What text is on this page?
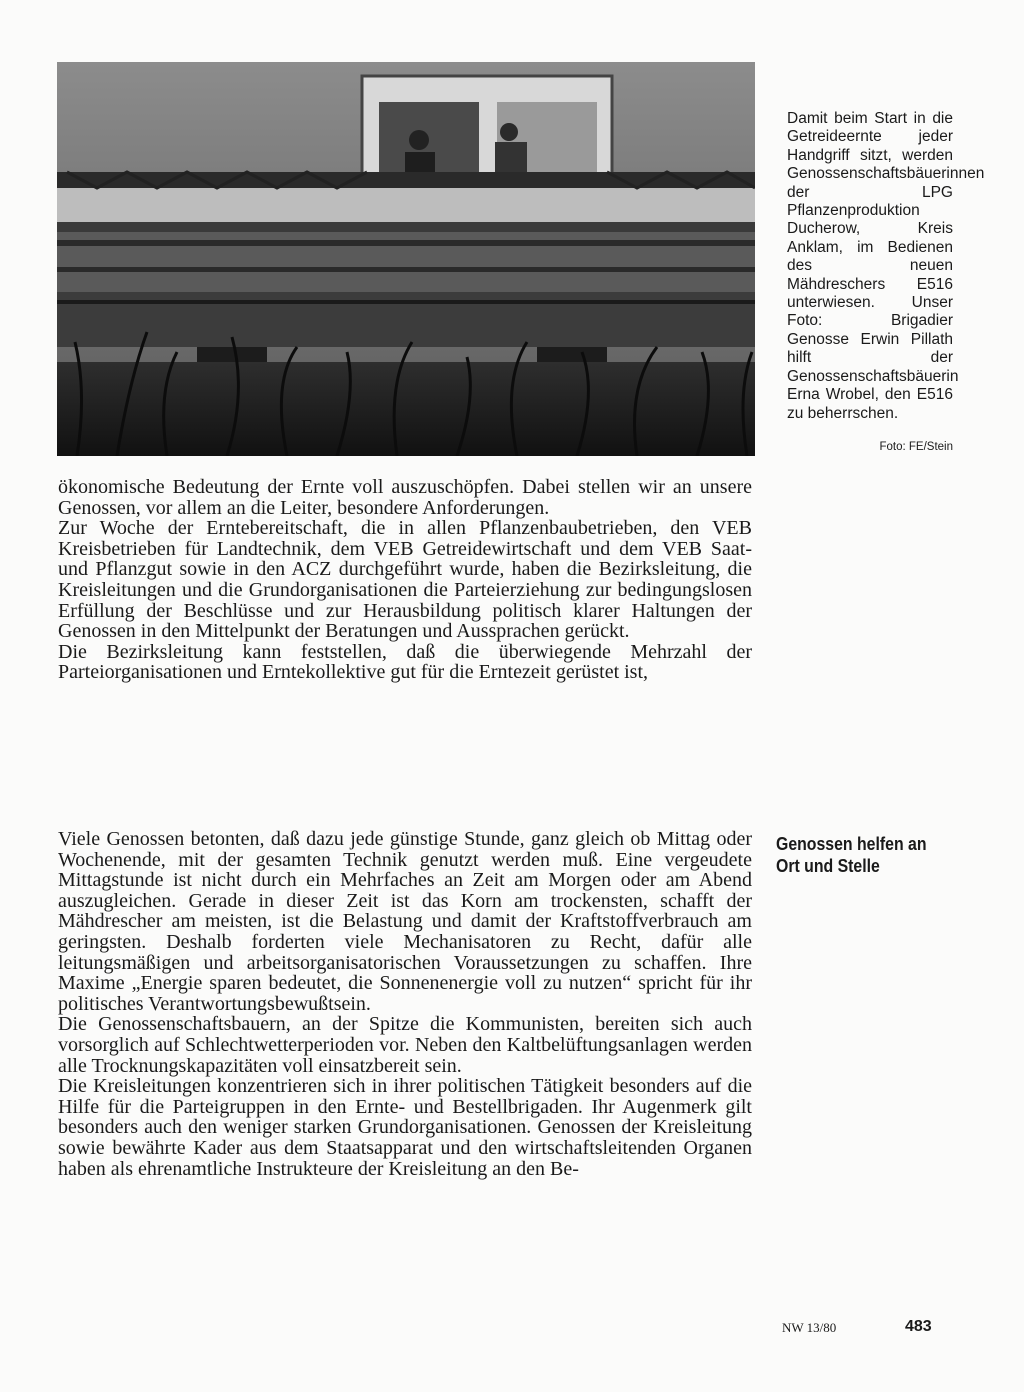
Damit beim Start in die Getreideernte jeder Handgriff sitzt, werden Genossenschaftsbäuerinnen der LPG Pflanzenproduktion Ducherow, Kreis Anklam, im Bedienen des neuen Mähdreschers E516 unterwiesen. Unser Foto: Brigadier Genosse Erwin Pillath hilft der Genossenschaftsbäuerin Erna Wrobel, den E516 zu beherrschen.
Foto: FE/Stein

ökonomische Bedeutung der Ernte voll auszuschöpfen. Dabei stellen wir an unsere Genossen, vor allem an die Leiter, besondere Anforderungen.

Zur Woche der Erntebereitschaft, die in allen Pflanzenbaubetrieben, den VEB Kreisbetrieben für Landtechnik, dem VEB Getreidewirtschaft und dem VEB Saat- und Pflanzgut sowie in den ACZ durchgeführt wurde, haben die Bezirksleitung, die Kreisleitungen und die Grundorganisationen die Parteierziehung zur bedingungslosen Erfüllung der Beschlüsse und zur Herausbildung politisch klarer Haltungen der Genossen in den Mittelpunkt der Beratungen und Aussprachen gerückt.

Die Bezirksleitung kann feststellen, daß die überwiegende Mehrzahl der Parteiorganisationen und Erntekollektive gut für die Erntezeit gerüstet ist,

Genossen helfen an Ort und Stelle

Viele Genossen betonten, daß dazu jede günstige Stunde, ganz gleich ob Mittag oder Wochenende, mit der gesamten Technik genutzt werden muß. Eine vergeudete Mittagstunde ist nicht durch ein Mehrfaches an Zeit am Morgen oder am Abend auszugleichen. Gerade in dieser Zeit ist das Korn am trockensten, schafft der Mähdrescher am meisten, ist die Belastung und damit der Kraftstoffverbrauch am geringsten. Deshalb forderten viele Mechanisatoren zu Recht, dafür alle leitungsmäßigen und arbeitsorganisatorischen Voraussetzungen zu schaffen. Ihre Maxime „Energie sparen bedeutet, die Sonnenenergie voll zu nutzen“ spricht für ihr politisches Verantwortungsbewußtsein.

Die Genossenschaftsbauern, an der Spitze die Kommunisten, bereiten sich auch vorsorglich auf Schlechtwetterperioden vor. Neben den Kaltbelüftungsanlagen werden alle Trocknungskapazitäten voll einsatzbereit sein.

Die Kreisleitungen konzentrieren sich in ihrer politischen Tätigkeit besonders auf die Hilfe für die Parteigruppen in den Ernte- und Bestellbrigaden. Ihr Augenmerk gilt besonders auch den weniger starken Grundorganisationen. Genossen der Kreisleitung sowie bewährte Kader aus dem Staatsapparat und den wirtschaftsleitenden Organen haben als ehrenamtliche Instrukteure der Kreisleitung an den Be-

NW 13/80	483
